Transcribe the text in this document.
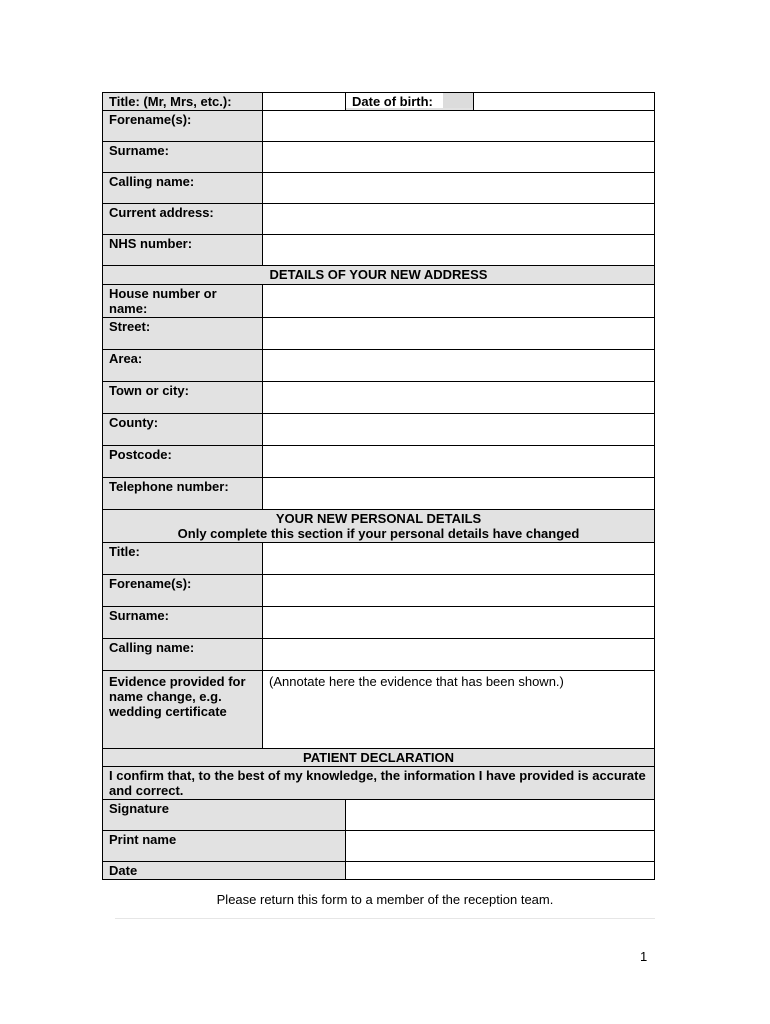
Title: (Mr, Mrs, etc.):		Date of birth:	

Forename(s):			
Surname:			
Calling name:			
Current address:			
NHS number:			
DETAILS OF YOUR NEW ADDRESS			
House number or name:			
Street:			
Area:			
Town or city:			
County:			
Postcode:			
Telephone number:			

YOUR NEW PERSONAL DETAILS
Only complete this section if your personal details have changed			

Title:			
Forename(s):			
Surname:			
Calling name:			
Evidence provided for name change, e.g. wedding certificate	(Annotate here the evidence that has been shown.)		
PATIENT DECLARATION			
I confirm that, to the best of my knowledge, the information I have provided is accurate and correct.			
Signature			
Print name			
Date			
Please return this form to a member of the reception team.
1
